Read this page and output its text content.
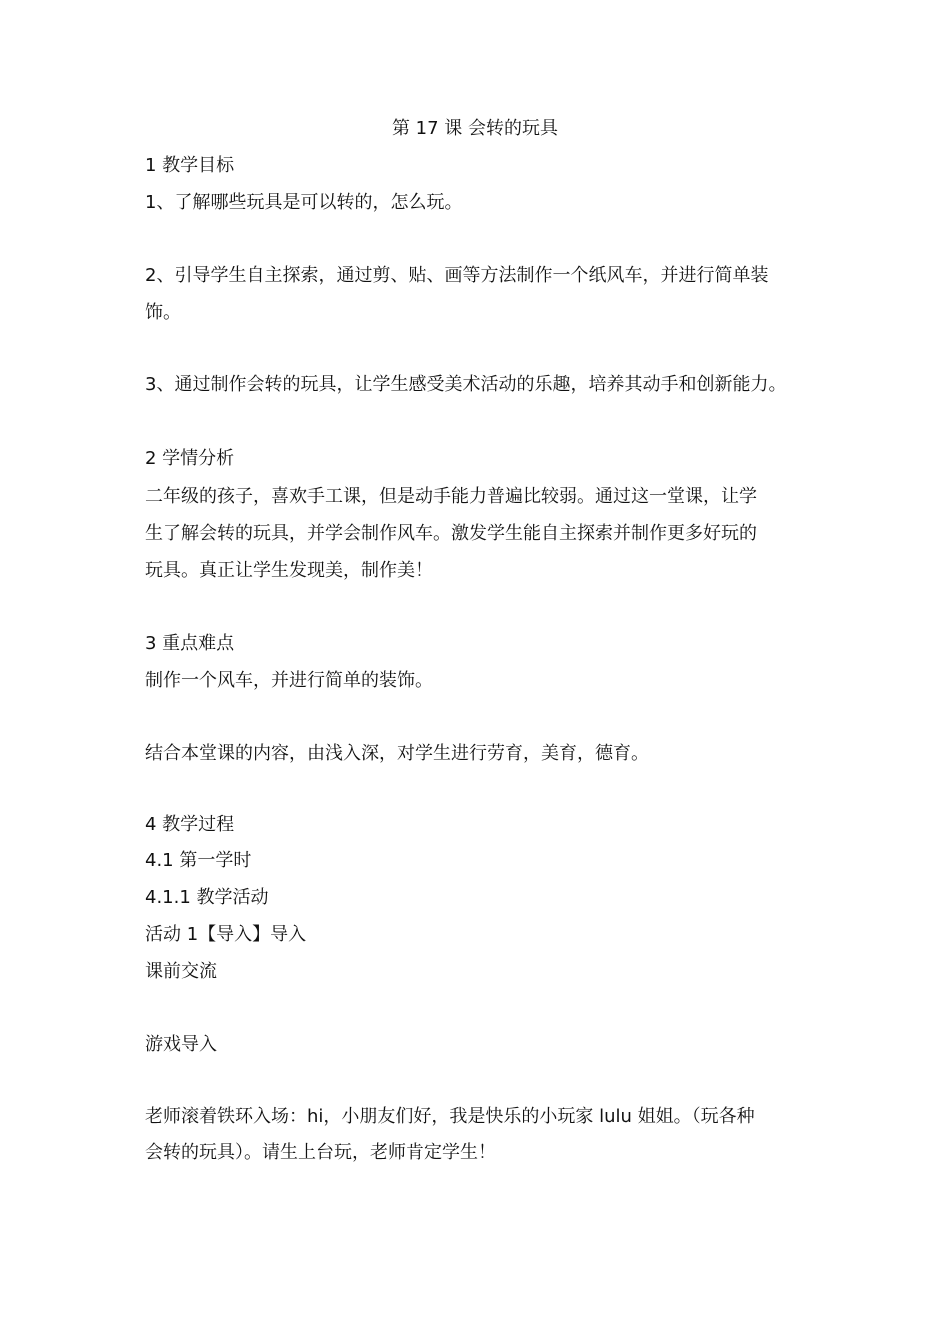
第 17 课 会转的玩具

1 教学目标

1、了解哪些玩具是可以转的，怎么玩。

2、引导学生自主探索，通过剪、贴、画等方法制作一个纸风车，并进行简单装

饰。

3、通过制作会转的玩具，让学生感受美术活动的乐趣，培养其动手和创新能力。

2 学情分析

二年级的孩子，喜欢手工课，但是动手能力普遍比较弱。通过这一堂课，让学

生了解会转的玩具，并学会制作风车。激发学生能自主探索并制作更多好玩的

玩具。真正让学生发现美，制作美！

3 重点难点

制作一个风车，并进行简单的装饰。

结合本堂课的内容，由浅入深，对学生进行劳育，美育，德育。

4 教学过程

4.1 第一学时

4.1.1 教学活动

活动 1【导入】导入

课前交流

游戏导入

老师滚着铁环入场：hi，小朋友们好，我是快乐的小玩家 lulu 姐姐。（玩各种

会转的玩具）。请生上台玩，老师肯定学生！
